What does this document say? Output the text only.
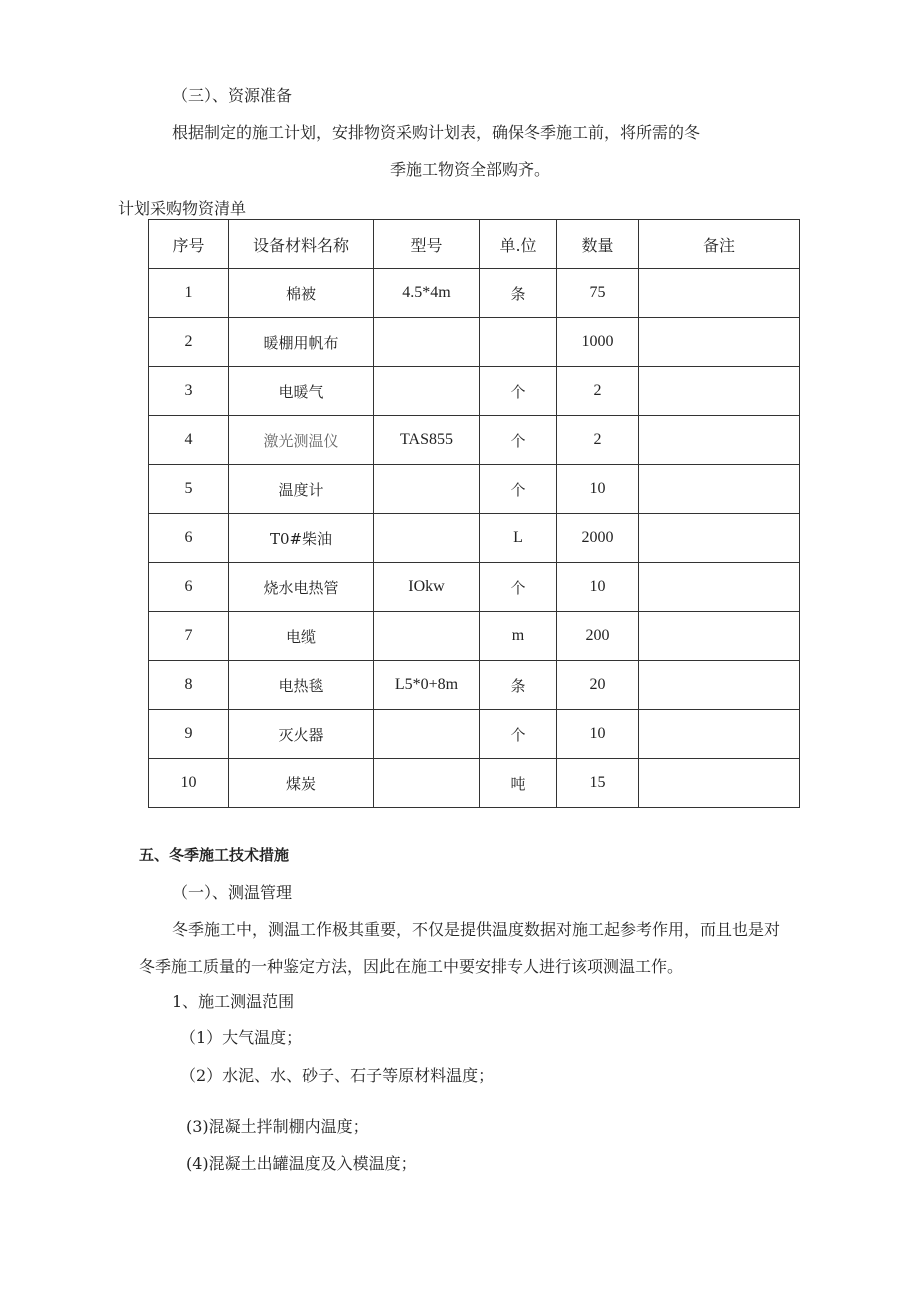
（三）、资源准备
根据制定的施工计划，安排物资采购计划表，确保冬季施工前，将所需的冬
季施工物资全部购齐。
计划采购物资清单
序号	设备材料名称	型号	单.位	数量	备注
1	棉被	4.5*4m	条	75	
2	暖棚用帆布			1000	
3	电暖气		个	2	
4	激光测温仪	TAS855	个	2	
5	温度计		个	10	
6	T0#柴油		L	2000	
6	烧水电热管	IOkw	个	10	
7	电缆		m	200	
8	电热毯	L5*0+8m	条	20	
9	灭火器		个	10	
10	煤炭		吨	15	
五、冬季施工技术措施
（一）、测温管理
冬季施工中，测温工作极其重要，不仅是提供温度数据对施工起参考作用，而且也是对
冬季施工质量的一种鉴定方法，因此在施工中要安排专人进行该项测温工作。
1、施工测温范围
（1）大气温度；
（2）水泥、水、砂子、石子等原材料温度；
(3)混凝土拌制棚内温度；
(4)混凝土出罐温度及入模温度；
